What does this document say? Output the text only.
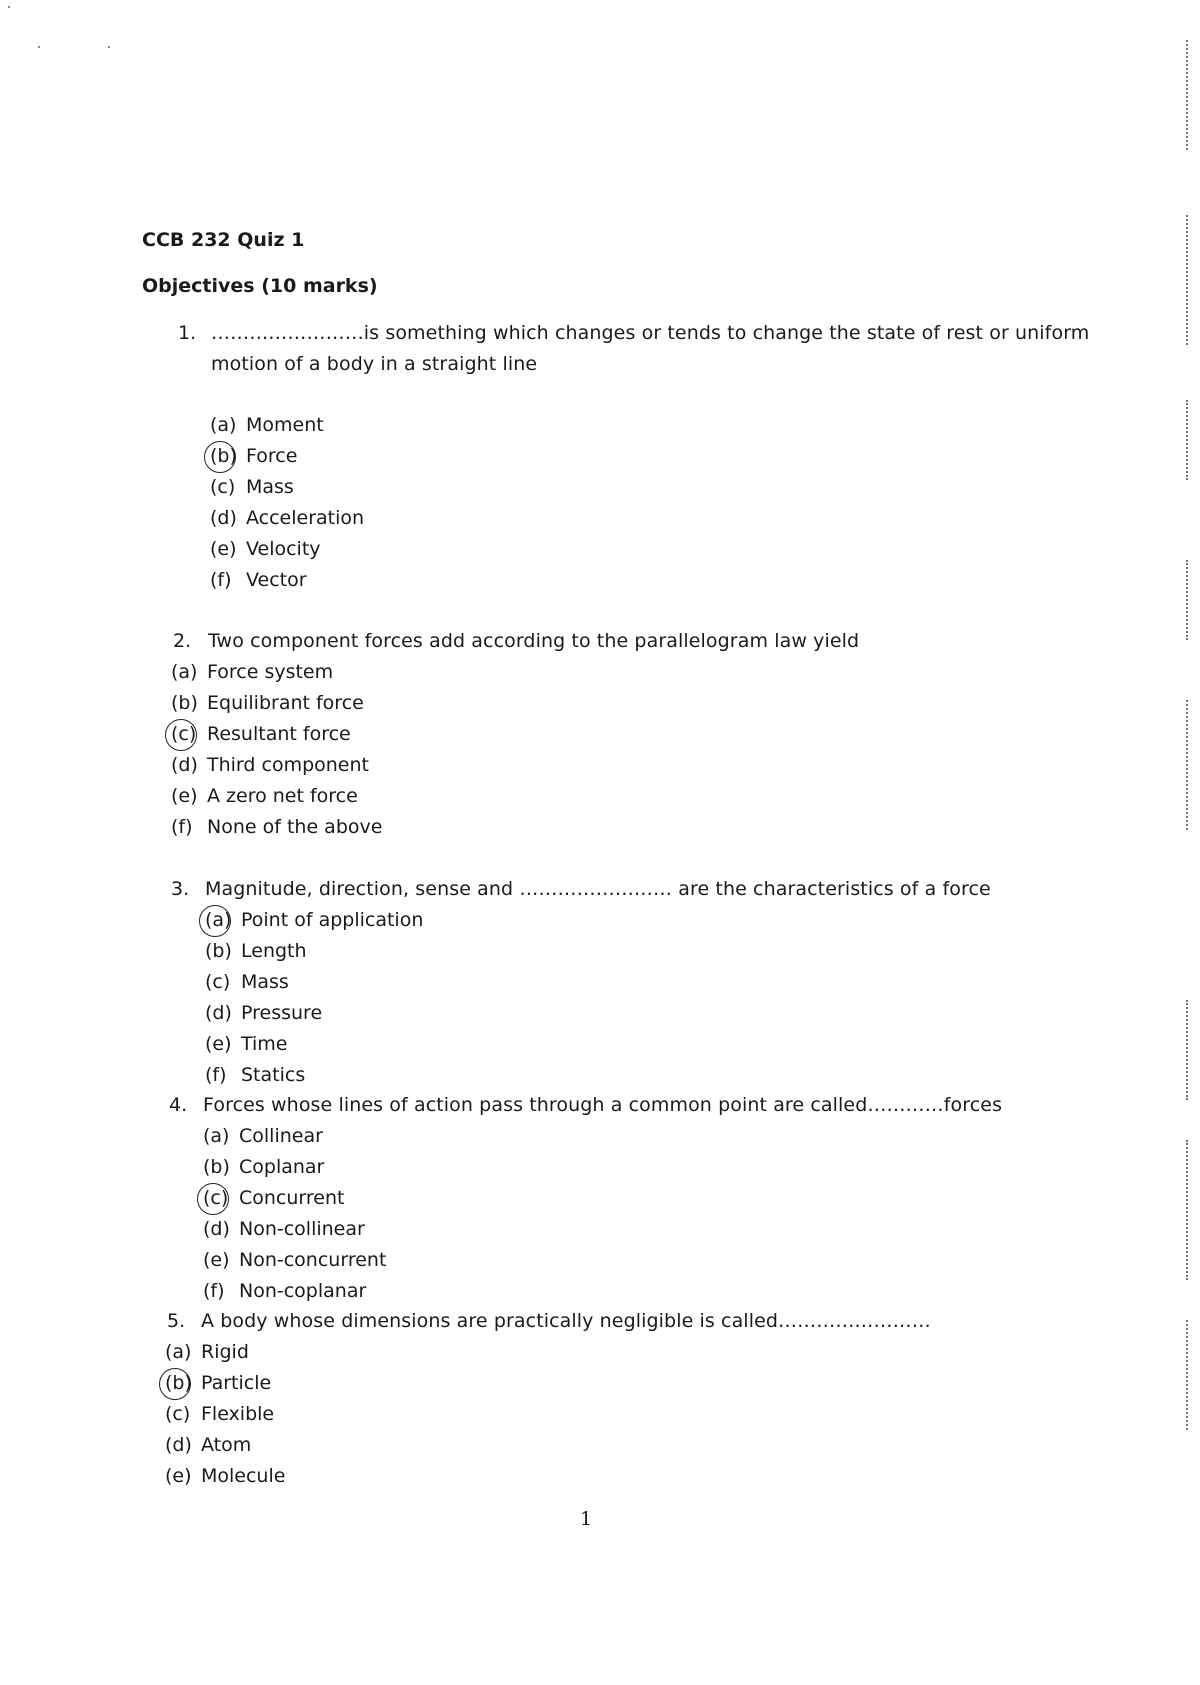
CCB 232 Quiz 1
Objectives (10 marks)
1. ……………………is something which changes or tends to change the state of rest or uniform
motion of a body in a straight line
(a) Moment
(b) Force
(c) Mass
(d) Acceleration
(e) Velocity
(f) Vector
2. Two component forces add according to the parallelogram law yield
(a) Force system
(b) Equilibrant force
(c) Resultant force
(d) Third component
(e) A zero net force
(f) None of the above
3. Magnitude, direction, sense and …………………… are the characteristics of a force
(a) Point of application
(b) Length
(c) Mass
(d) Pressure
(e) Time
(f) Statics
4. Forces whose lines of action pass through a common point are called…………forces
(a) Collinear
(b) Coplanar
(c) Concurrent
(d) Non-collinear
(e) Non-concurrent
(f) Non-coplanar
5. A body whose dimensions are practically negligible is called……………………
(a) Rigid
(b) Particle
(c) Flexible
(d) Atom
(e) Molecule
1
